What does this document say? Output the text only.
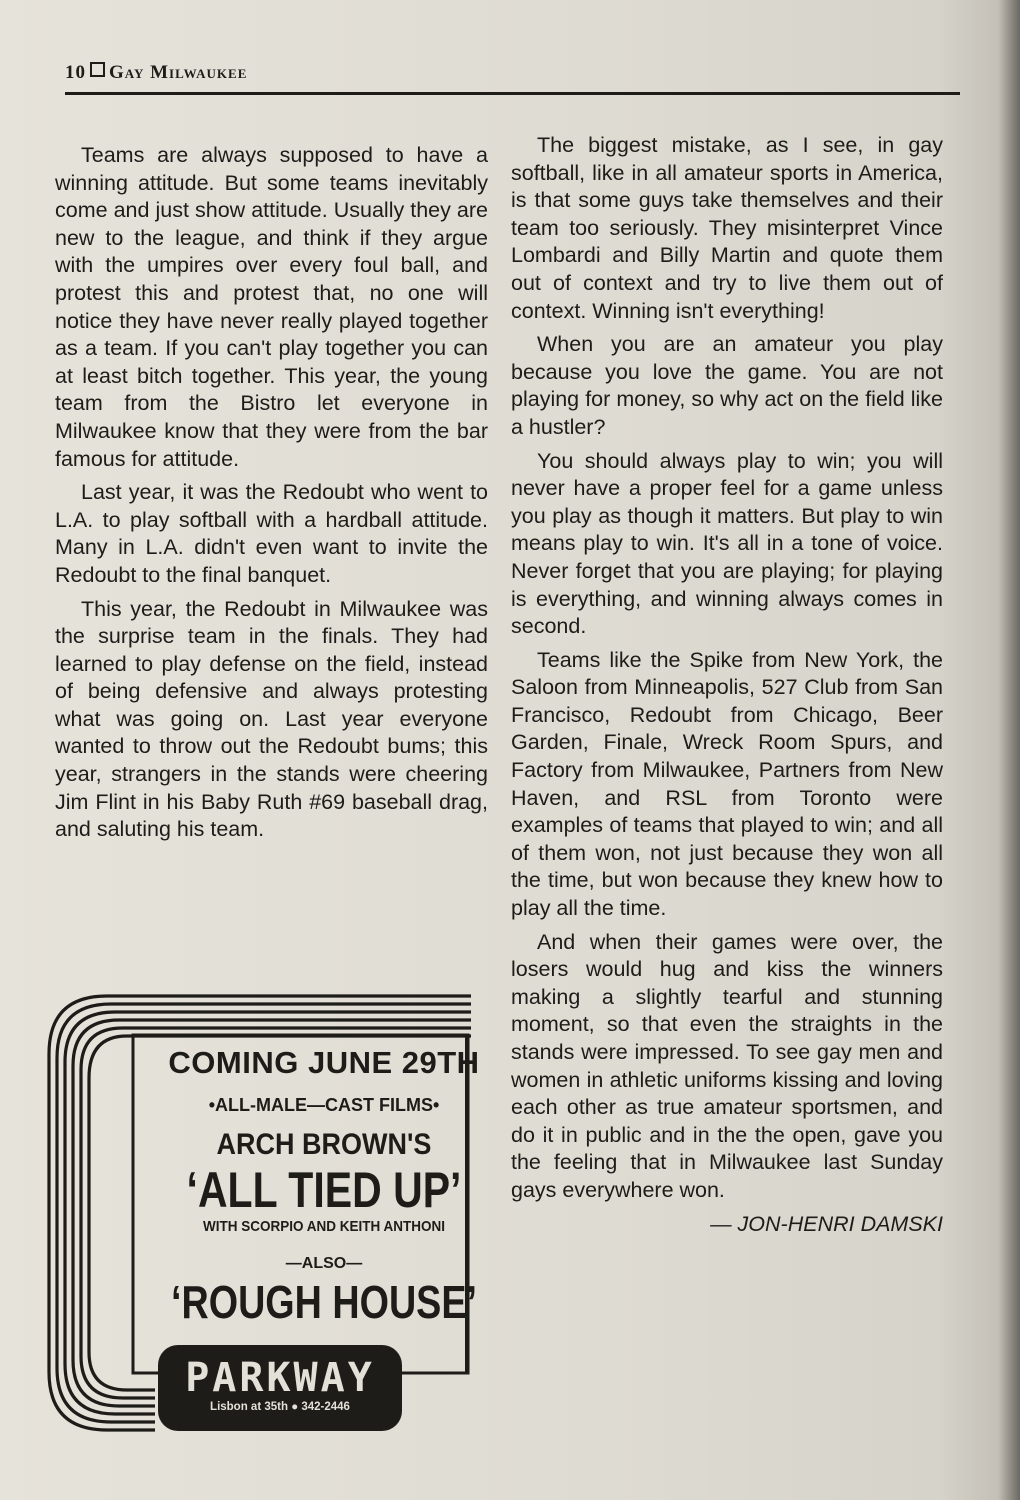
10 Gay Milwaukee

Teams are always supposed to have a winning attitude. But some teams inevitably come and just show attitude. Usually they are new to the league, and think if they argue with the umpires over every foul ball, and protest this and protest that, no one will notice they have never really played together as a team. If you can't play together you can at least bitch together. This year, the young team from the Bistro let everyone in Milwaukee know that they were from the bar famous for attitude.

Last year, it was the Redoubt who went to L.A. to play softball with a hardball attitude. Many in L.A. didn't even want to invite the Redoubt to the final banquet.

This year, the Redoubt in Milwaukee was the surprise team in the finals. They had learned to play defense on the field, instead of being defensive and always protesting what was going on. Last year everyone wanted to throw out the Redoubt bums; this year, strangers in the stands were cheering Jim Flint in his Baby Ruth #69 baseball drag, and saluting his team.

The biggest mistake, as I see, in gay softball, like in all amateur sports in America, is that some guys take themselves and their team too seriously. They misinterpret Vince Lombardi and Billy Martin and quote them out of context and try to live them out of context. Winning isn't everything!

When you are an amateur you play because you love the game. You are not playing for money, so why act on the field like a hustler?

You should always play to win; you will never have a proper feel for a game unless you play as though it matters. But play to win means play to win. It's all in a tone of voice. Never forget that you are playing; for playing is everything, and winning always comes in second.

Teams like the Spike from New York, the Saloon from Minneapolis, 527 Club from San Francisco, Redoubt from Chicago, Beer Garden, Finale, Wreck Room Spurs, and Factory from Milwaukee, Partners from New Haven, and RSL from Toronto were examples of teams that played to win; and all of them won, not just because they won all the time, but won because they knew how to play all the time.

And when their games were over, the losers would hug and kiss the winners making a slightly tearful and stunning moment, so that even the straights in the stands were impressed. To see gay men and women in athletic uniforms kissing and loving each other as true amateur sportsmen, and do it in public and in the the open, gave you the feeling that in Milwaukee last Sunday gays everywhere won.

— JON-HENRI DAMSKI

COMING JUNE 29TH
•ALL-MALE—CAST FILMS•
ARCH BROWN'S
‘ALL TIED UP’
WITH SCORPIO AND KEITH ANTHONI
—ALSO—
‘ROUGH HOUSE’
PARKWAY
Lisbon at 35th ● 342-2446
